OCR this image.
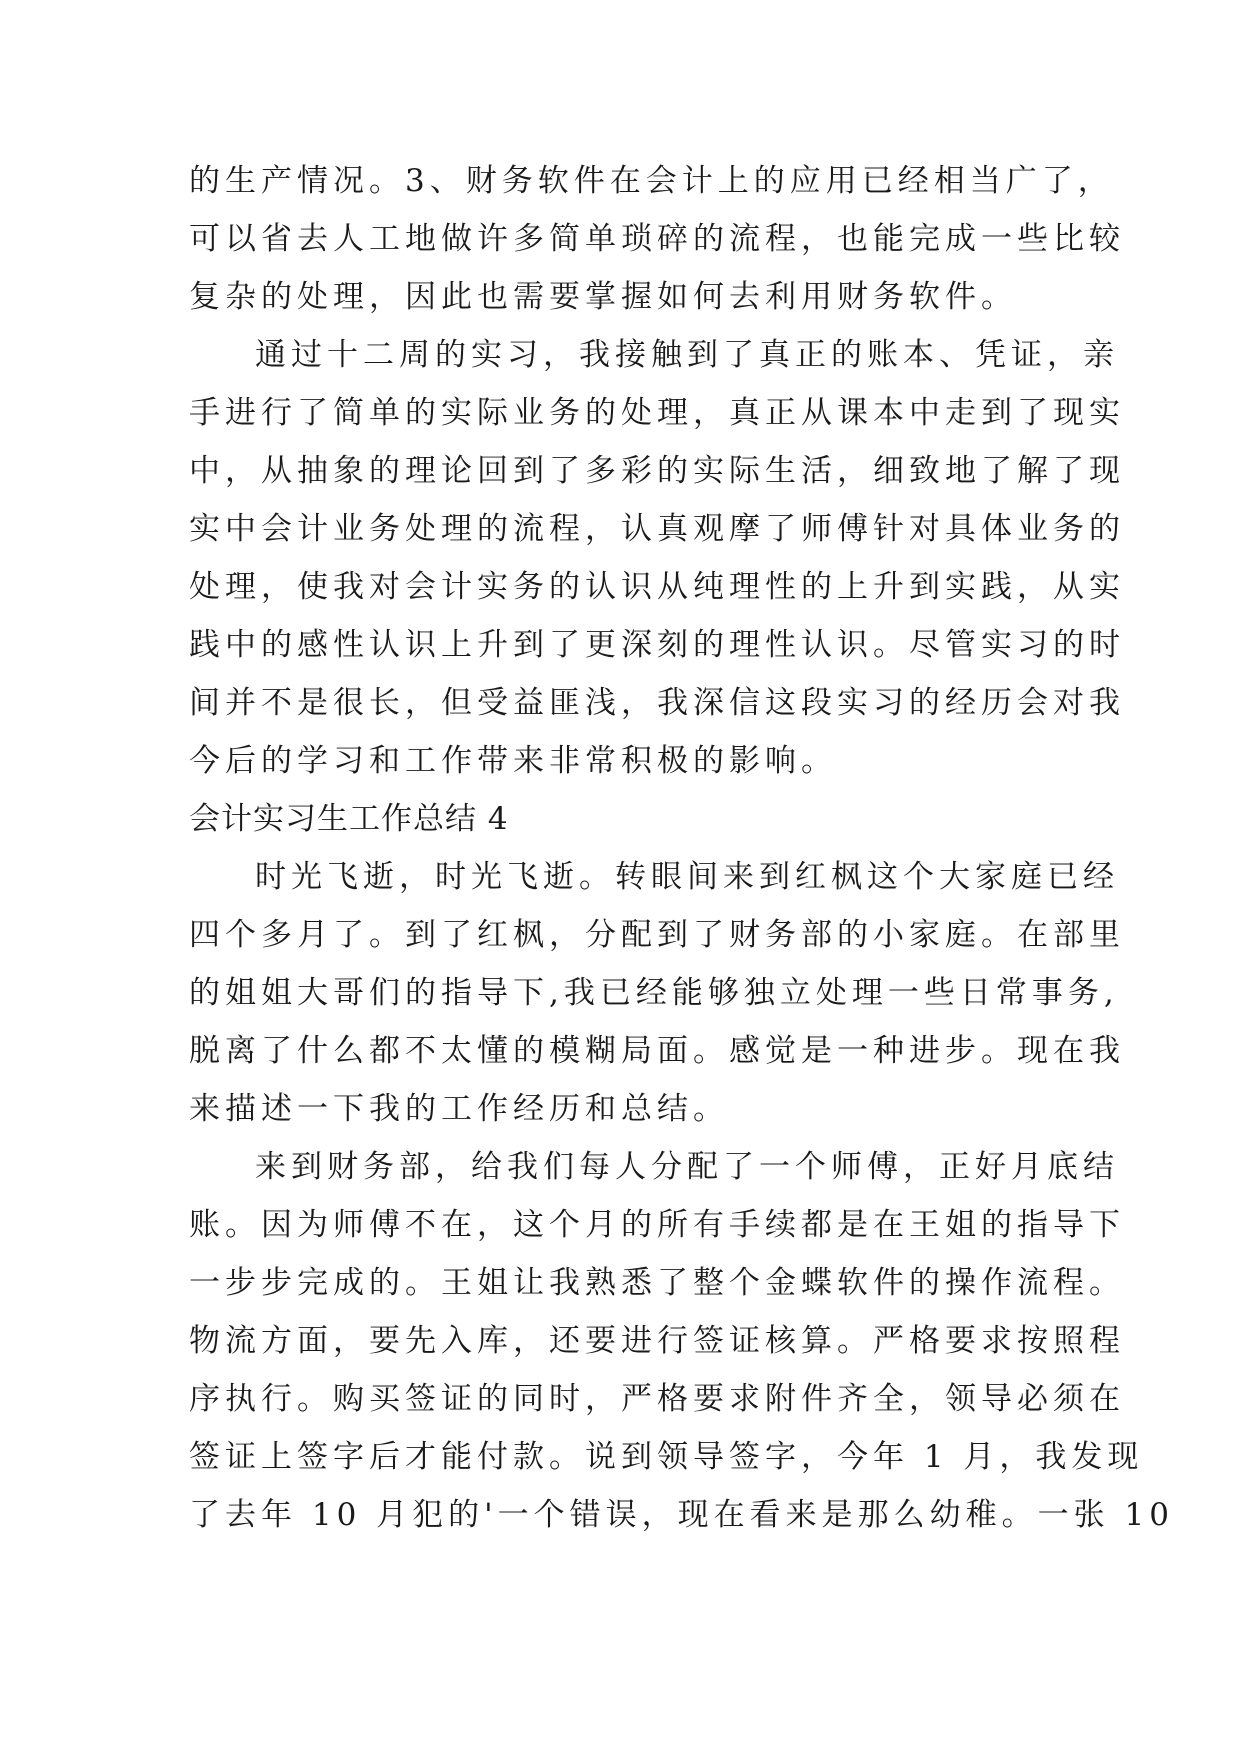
的生产情况。3、财务软件在会计上的应用已经相当广了，
可以省去人工地做许多简单琐碎的流程，也能完成一些比较
复杂的处理，因此也需要掌握如何去利用财务软件。
通过十二周的实习，我接触到了真正的账本、凭证，亲
手进行了简单的实际业务的处理，真正从课本中走到了现实
中，从抽象的理论回到了多彩的实际生活，细致地了解了现
实中会计业务处理的流程，认真观摩了师傅针对具体业务的
处理，使我对会计实务的认识从纯理性的上升到实践，从实
践中的感性认识上升到了更深刻的理性认识。尽管实习的时
间并不是很长，但受益匪浅，我深信这段实习的经历会对我
今后的学习和工作带来非常积极的影响。
会计实习生工作总结 4
时光飞逝，时光飞逝。转眼间来到红枫这个大家庭已经
四个多月了。到了红枫，分配到了财务部的小家庭。在部里
的姐姐大哥们的指导下,我已经能够独立处理一些日常事务,
脱离了什么都不太懂的模糊局面。感觉是一种进步。现在我
来描述一下我的工作经历和总结。
来到财务部，给我们每人分配了一个师傅，正好月底结
账。因为师傅不在，这个月的所有手续都是在王姐的指导下
一步步完成的。王姐让我熟悉了整个金蝶软件的操作流程。
物流方面，要先入库，还要进行签证核算。严格要求按照程
序执行。购买签证的同时，严格要求附件齐全，领导必须在
签证上签字后才能付款。说到领导签字，今年 1 月，我发现
了去年 10 月犯的'一个错误，现在看来是那么幼稚。一张 10
